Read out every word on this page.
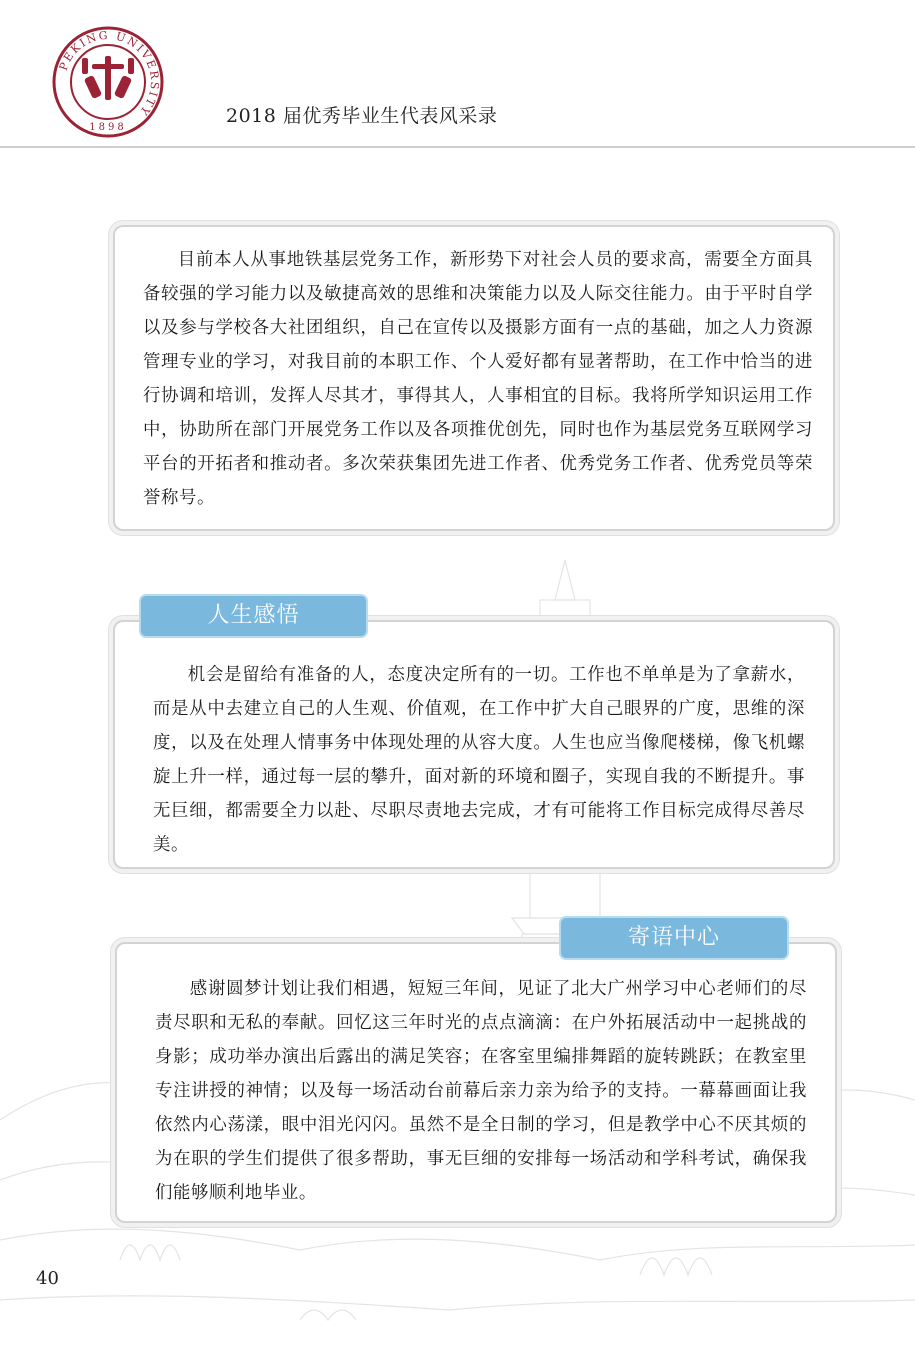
PEKING UNIVERSITY
1898
2018 届优秀毕业生代表风采录

目前本人从事地铁基层党务工作，新形势下对社会人员的要求高，需要全方面具备较强的学习能力以及敏捷高效的思维和决策能力以及人际交往能力。由于平时自学以及参与学校各大社团组织，自己在宣传以及摄影方面有一点的基础，加之人力资源管理专业的学习，对我目前的本职工作、个人爱好都有显著帮助，在工作中恰当的进行协调和培训，发挥人尽其才，事得其人，人事相宜的目标。我将所学知识运用工作中，协助所在部门开展党务工作以及各项推优创先，同时也作为基层党务互联网学习平台的开拓者和推动者。多次荣获集团先进工作者、优秀党务工作者、优秀党员等荣誉称号。

机会是留给有准备的人，态度决定所有的一切。工作也不单单是为了拿薪水，而是从中去建立自己的人生观、价值观，在工作中扩大自己眼界的广度，思维的深度，以及在处理人情事务中体现处理的从容大度。人生也应当像爬楼梯，像飞机螺旋上升一样，通过每一层的攀升，面对新的环境和圈子，实现自我的不断提升。事无巨细，都需要全力以赴、尽职尽责地去完成，才有可能将工作目标完成得尽善尽美。

人生感悟

感谢圆梦计划让我们相遇，短短三年间，见证了北大广州学习中心老师们的尽责尽职和无私的奉献。回忆这三年时光的点点滴滴：在户外拓展活动中一起挑战的身影；成功举办演出后露出的满足笑容；在客室里编排舞蹈的旋转跳跃；在教室里专注讲授的神情；以及每一场活动台前幕后亲力亲为给予的支持。一幕幕画面让我依然内心荡漾，眼中泪光闪闪。虽然不是全日制的学习，但是教学中心不厌其烦的为在职的学生们提供了很多帮助，事无巨细的安排每一场活动和学科考试，确保我们能够顺利地毕业。

寄语中心
40
